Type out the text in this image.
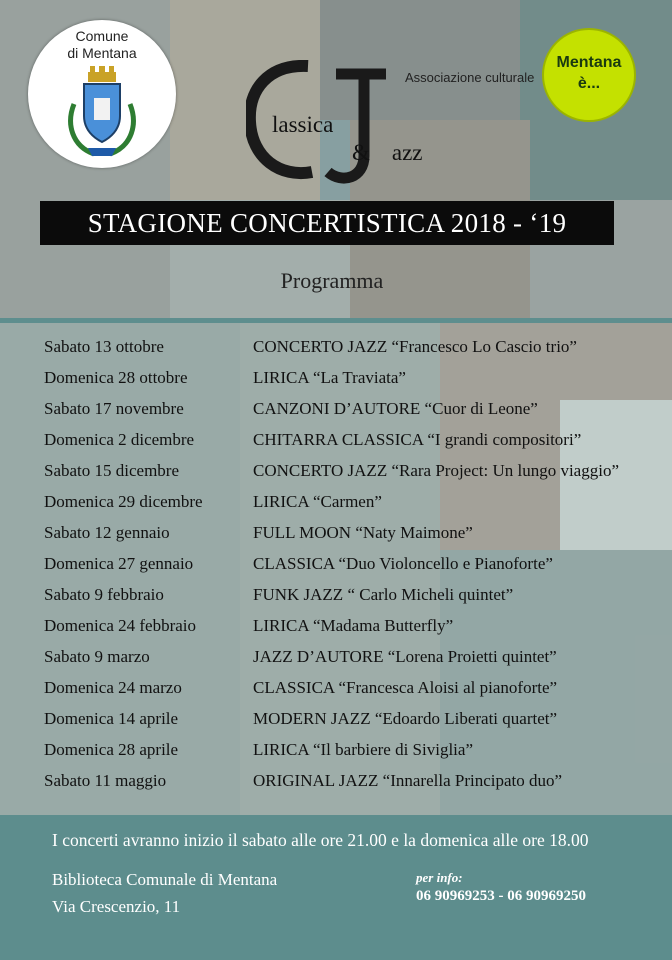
Comune
di Mentana
Associazione culturale
lassica
& azz
Mentana
è...
STAGIONE CONCERTISTICA 2018 - ‘19
Programma
Sabato 13 ottobre	CONCERTO JAZZ “Francesco Lo Cascio trio”
Domenica 28 ottobre	LIRICA “La Traviata”
Sabato 17 novembre	CANZONI D’AUTORE “Cuor di Leone”
Domenica 2 dicembre	CHITARRA CLASSICA “I grandi compositori”
Sabato 15 dicembre	CONCERTO JAZZ “Rara Project: Un lungo viaggio”
Domenica 29 dicembre	LIRICA “Carmen”
Sabato 12 gennaio	FULL MOON “Naty Maimone”
Domenica 27 gennaio	CLASSICA “Duo Violoncello e Pianoforte”
Sabato 9 febbraio	FUNK JAZZ “ Carlo Micheli quintet”
Domenica 24 febbraio	LIRICA “Madama Butterfly”
Sabato 9 marzo	JAZZ D’AUTORE “Lorena Proietti quintet”
Domenica 24 marzo	CLASSICA “Francesca Aloisi al pianoforte”
Domenica 14 aprile	MODERN JAZZ “Edoardo Liberati quartet”
Domenica 28 aprile	LIRICA “Il barbiere di Siviglia”
Sabato 11 maggio	ORIGINAL JAZZ “Innarella Principato duo”
I concerti avranno inizio il sabato alle ore 21.00 e la domenica alle ore 18.00
Biblioteca Comunale di Mentana
Via Crescenzio, 11
per info:
06 90969253 - 06 90969250
